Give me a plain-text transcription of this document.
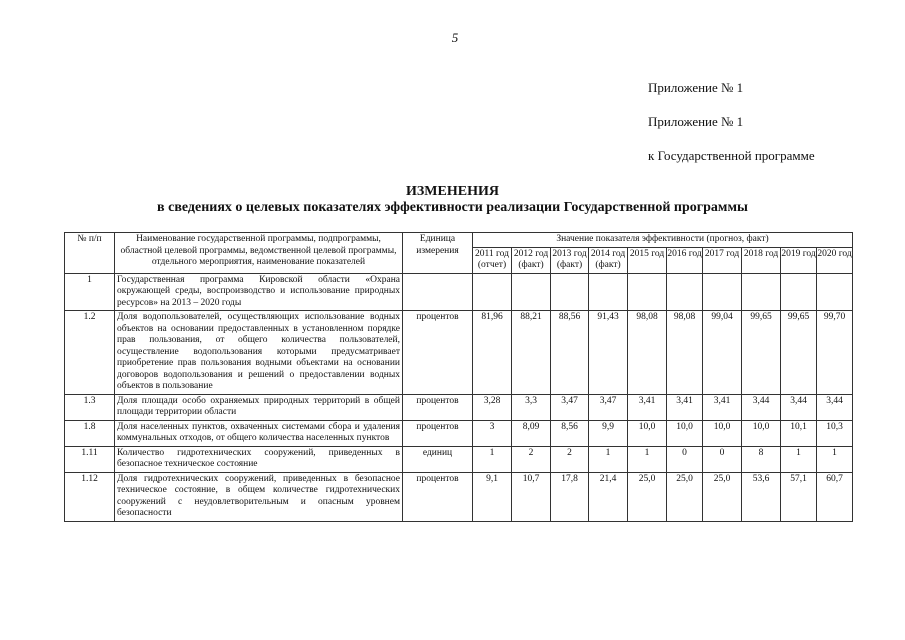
5
Приложение № 1
Приложение № 1
к Государственной программе
ИЗМЕНЕНИЯ
в сведениях о целевых показателях эффективности реализации Государственной программы
№ п/п	Наименование государственной программы, подпрограммы, областной целевой программы, ведомственной целевой программы, отдельного мероприятия, наименование показателей	Единица измерения	Значение показателя эффективности (прогноз, факт)									
			2011 год (отчет)	2012 год (факт)	2013 год (факт)	2014 год (факт)	2015 год	2016 год	2017 год	2018 год	2019 год	2020 год
1	Государственная программа Кировской области «Охрана окружающей среды, воспроизводство и использование природных ресурсов» на 2013 – 2020 годы											
1.2	Доля водопользователей, осуществляющих использование водных объектов на основании предоставленных в установленном порядке прав пользования, от общего количества пользователей, осуществление водопользования которыми предусматривает приобретение прав пользования водными объектами на основании договоров водопользования и решений о предоставлении водных объектов в пользование	процентов	81,96	88,21	88,56	91,43	98,08	98,08	99,04	99,65	99,65	99,70
1.3	Доля площади особо охраняемых природных территорий в общей площади территории области	процентов	3,28	3,3	3,47	3,47	3,41	3,41	3,41	3,44	3,44	3,44
1.8	Доля населенных пунктов, охваченных системами сбора и удаления коммунальных отходов, от общего количества населенных пунктов	процентов	3	8,09	8,56	9,9	10,0	10,0	10,0	10,0	10,1	10,3
1.11	Количество гидротехнических сооружений, приведенных в безопасное техническое состояние	единиц	1	2	2	1	1	0	0	8	1	1
1.12	Доля гидротехнических сооружений, приведенных в безопасное техническое состояние, в общем количестве гидротехнических сооружений с неудовлетворительным и опасным уровнем безопасности	процентов	9,1	10,7	17,8	21,4	25,0	25,0	25,0	53,6	57,1	60,7
